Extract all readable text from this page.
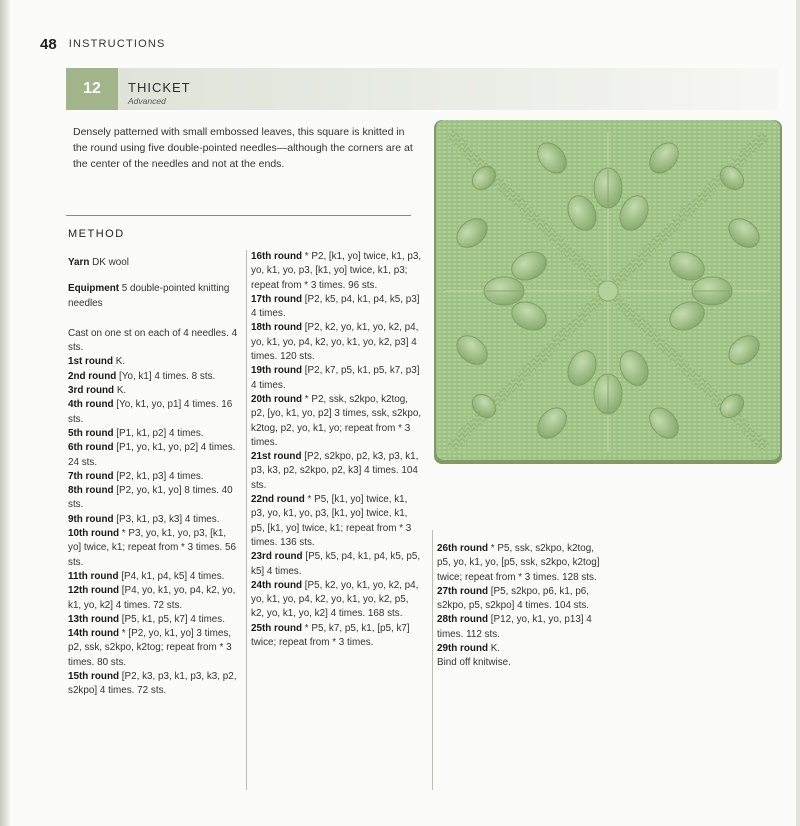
48 INSTRUCTIONS
12	THICKET
Advanced
Densely patterned with small embossed leaves, this square is knitted in the round using five double-pointed needles—although the corners are at the center of the needles and not at the ends.
METHOD

Yarn DK wool

Equipment 5 double-pointed knitting needles

Cast on one st on each of 4 needles. 4 sts.

1st round K.

2nd round [Yo, k1] 4 times. 8 sts.

3rd round K.

4th round [Yo, k1, yo, p1] 4 times. 16 sts.

5th round [P1, k1, p2] 4 times.

6th round [P1, yo, k1, yo, p2] 4 times. 24 sts.

7th round [P2, k1, p3] 4 times.

8th round [P2, yo, k1, yo] 8 times. 40 sts.

9th round [P3, k1, p3, k3] 4 times.

10th round * P3, yo, k1, yo, p3, [k1, yo] twice, k1; repeat from * 3 times. 56 sts.

11th round [P4, k1, p4, k5] 4 times.

12th round [P4, yo, k1, yo, p4, k2, yo, k1, yo, k2] 4 times. 72 sts.

13th round [P5, k1, p5, k7] 4 times.

14th round * [P2, yo, k1, yo] 3 times, p2, ssk, s2kpo, k2tog; repeat from * 3 times. 80 sts.

15th round [P2, k3, p3, k1, p3, k3, p2, s2kpo] 4 times. 72 sts.

16th round * P2, [k1, yo] twice, k1, p3, yo, k1, yo, p3, [k1, yo] twice, k1, p3; repeat from * 3 times. 96 sts.

17th round [P2, k5, p4, k1, p4, k5, p3] 4 times.

18th round [P2, k2, yo, k1, yo, k2, p4, yo, k1, yo, p4, k2, yo, k1, yo, k2, p3] 4 times. 120 sts.

19th round [P2, k7, p5, k1, p5, k7, p3] 4 times.

20th round * P2, ssk, s2kpo, k2tog, p2, [yo, k1, yo, p2] 3 times, ssk, s2kpo, k2tog, p2, yo, k1, yo; repeat from * 3 times.

21st round [P2, s2kpo, p2, k3, p3, k1, p3, k3, p2, s2kpo, p2, k3] 4 times. 104 sts.

22nd round * P5, [k1, yo] twice, k1, p3, yo, k1, yo, p3, [k1, yo] twice, k1, p5, [k1, yo] twice, k1; repeat from * 3 times. 136 sts.

23rd round [P5, k5, p4, k1, p4, k5, p5, k5] 4 times.

24th round [P5, k2, yo, k1, yo, k2, p4, yo, k1, yo, p4, k2, yo, k1, yo, k2, p5, k2, yo, k1, yo, k2] 4 times. 168 sts.

25th round * P5, k7, p5, k1, [p5, k7] twice; repeat from * 3 times.

26th round * P5, ssk, s2kpo, k2tog, p5, yo, k1, yo, [p5, ssk, s2kpo, k2tog] twice; repeat from * 3 times. 128 sts.

27th round [P5, s2kpo, p6, k1, p6, s2kpo, p5, s2kpo] 4 times. 104 sts.

28th round [P12, yo, k1, yo, p13] 4 times. 112 sts.

29th round K.

Bind off knitwise.
